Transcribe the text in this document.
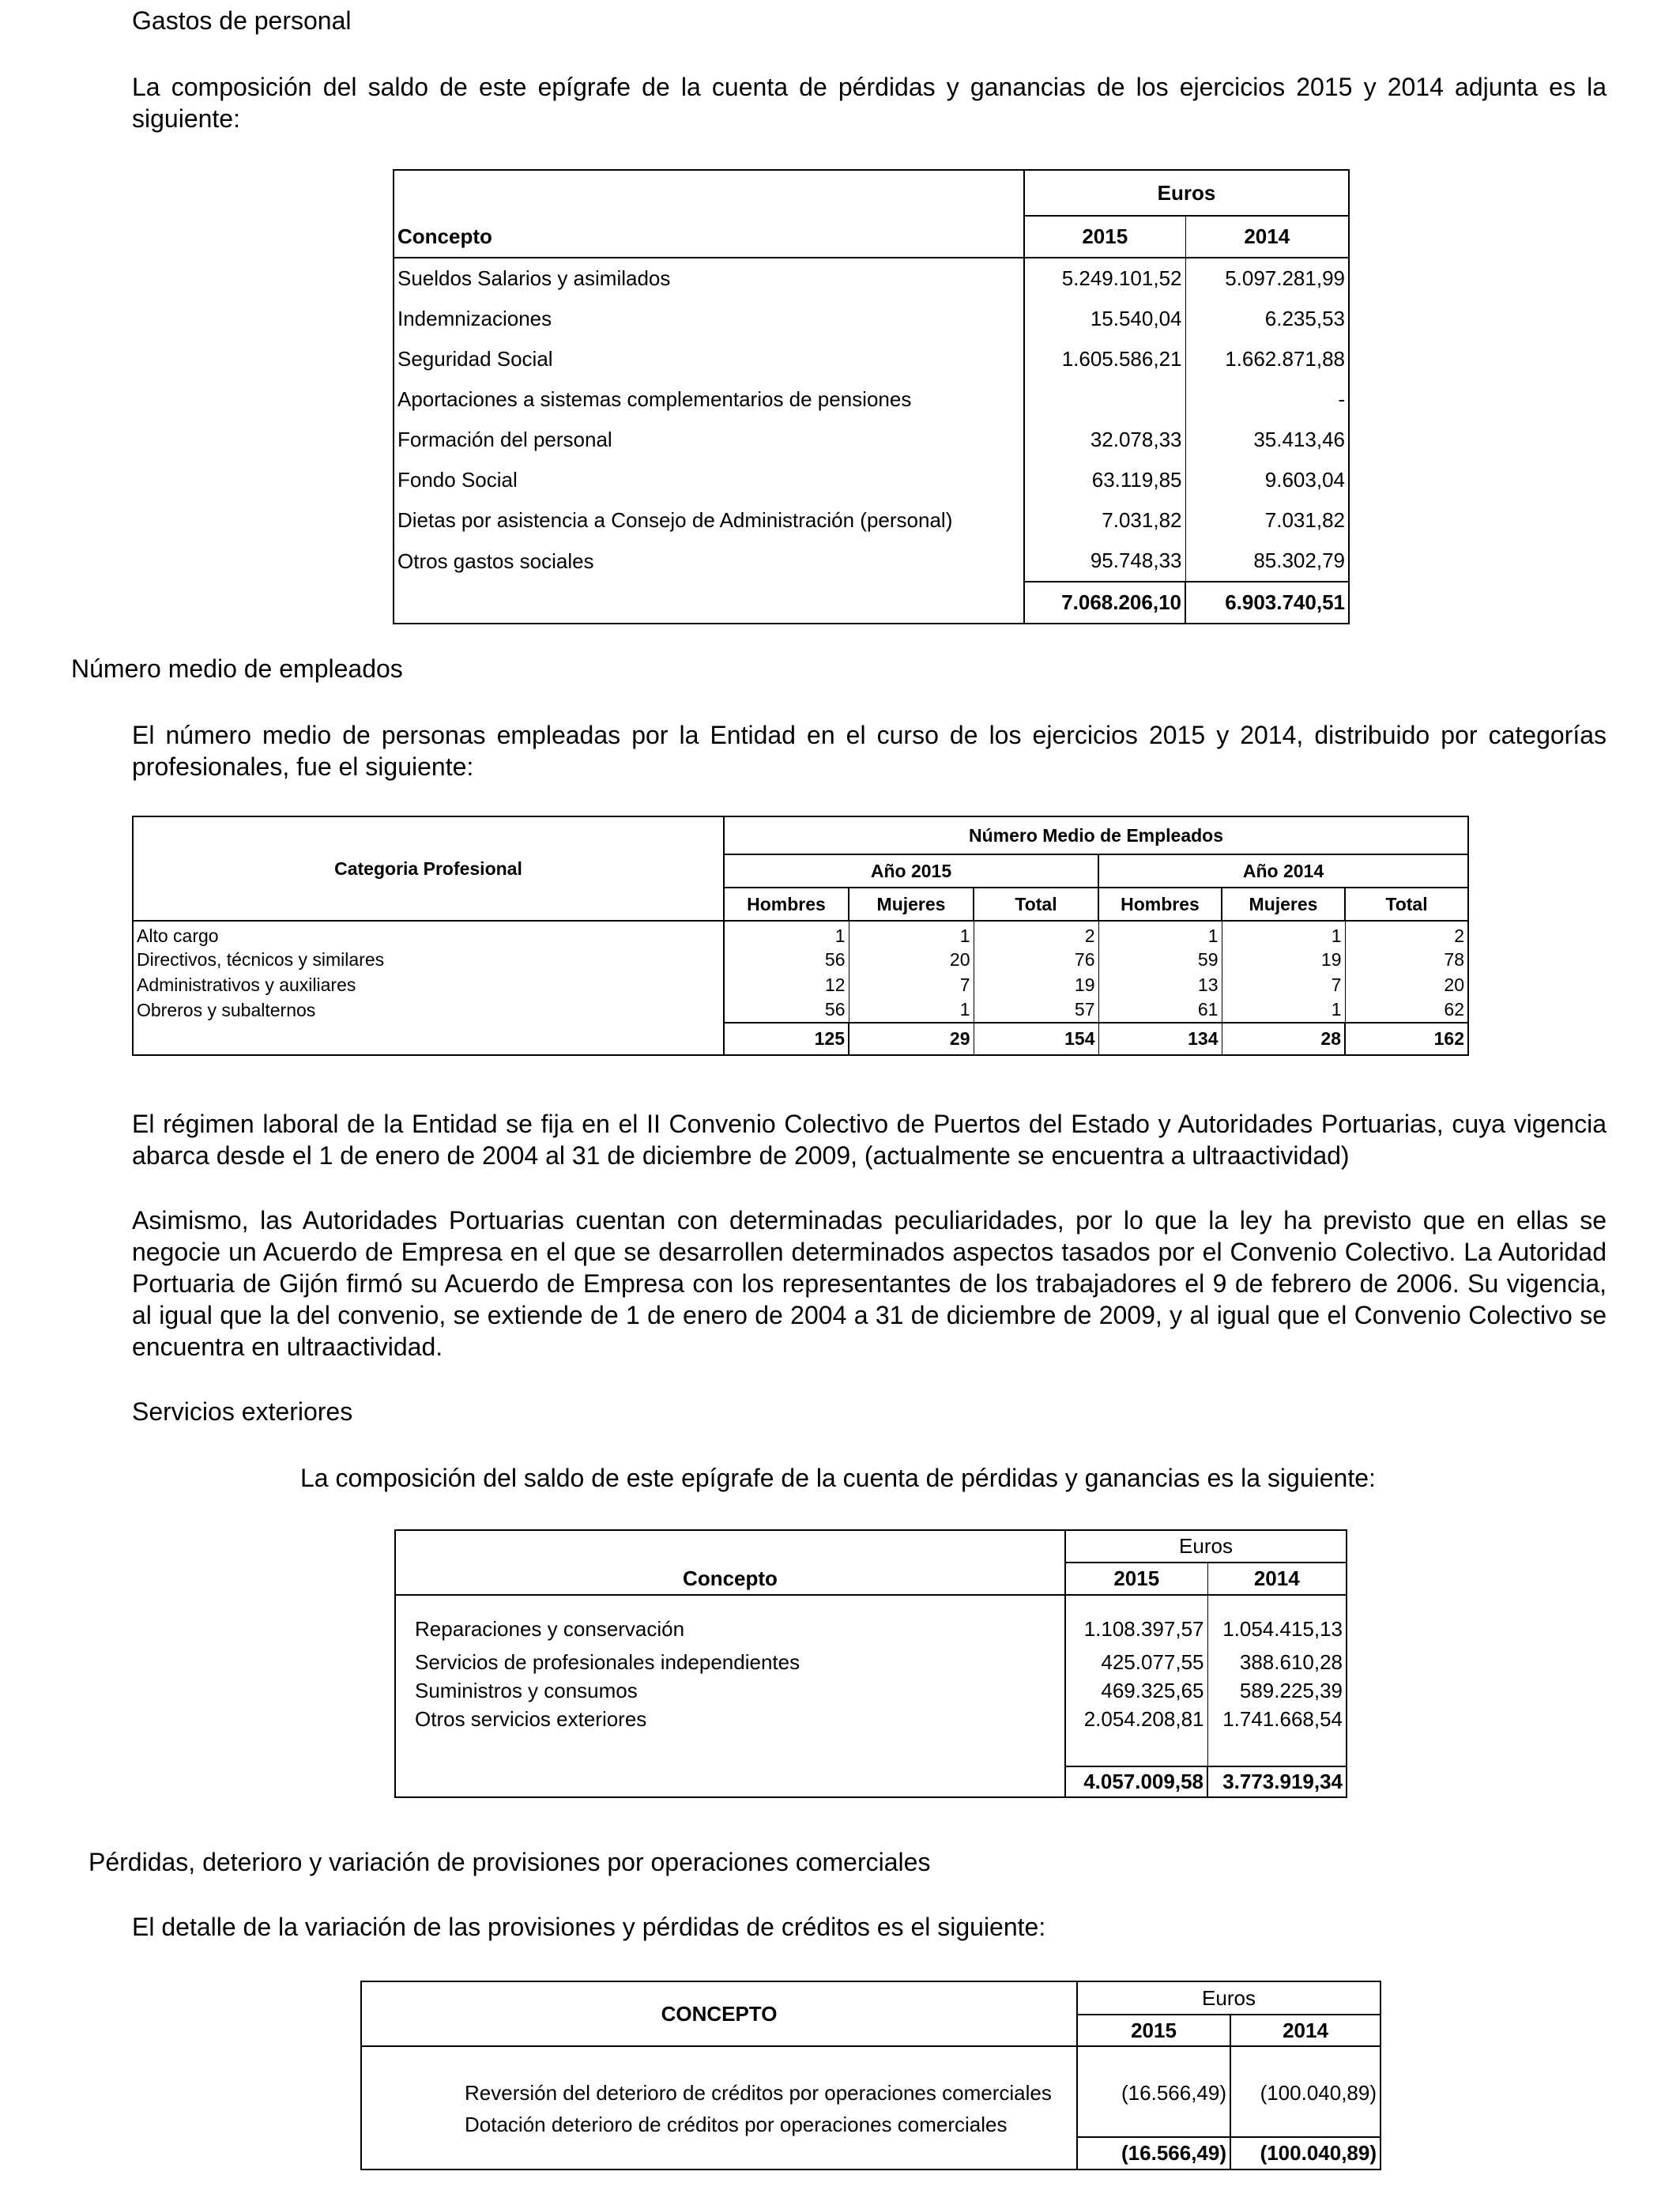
Gastos de personal
La composición del saldo de este epígrafe de la cuenta de pérdidas y ganancias de los ejercicios 2015 y 2014 adjunta es la siguiente:
	Euros	
Concepto	2015	2014
Sueldos Salarios y asimilados	5.249.101,52	5.097.281,99
Indemnizaciones	15.540,04	6.235,53
Seguridad Social	1.605.586,21	1.662.871,88
Aportaciones a sistemas complementarios de pensiones		-
Formación del personal	32.078,33	35.413,46
Fondo Social	63.119,85	9.603,04
Dietas por asistencia a Consejo de Administración (personal)	7.031,82	7.031,82
Otros gastos sociales	95.748,33	85.302,79
	7.068.206,10	6.903.740,51
Número medio de empleados
El número medio de personas empleadas por la Entidad en el curso de los ejercicios 2015 y 2014, distribuido por categorías profesionales, fue el siguiente:
Categoria Profesional	Número Medio de Empleados					
	Año 2015			Año 2014		
	Hombres	Mujeres	Total	Hombres	Mujeres	Total
Alto cargo	1	1	2	1	1	2
Directivos, técnicos y similares	56	20	76	59	19	78
Administrativos y auxiliares	12	7	19	13	7	20
Obreros y subalternos	56	1	57	61	1	62
	125	29	154	134	28	162
El régimen laboral de la Entidad se fija en el II Convenio Colectivo de Puertos del Estado y Autoridades Portuarias, cuya vigencia abarca desde el 1 de enero de 2004 al 31 de diciembre de 2009, (actualmente se encuentra a ultraactividad)
Asimismo, las Autoridades Portuarias cuentan con determinadas peculiaridades, por lo que la ley ha previsto que en ellas se negocie un Acuerdo de Empresa en el que se desarrollen determinados aspectos tasados por el Convenio Colectivo. La Autoridad Portuaria de Gijón firmó su Acuerdo de Empresa con los representantes de los trabajadores el 9 de febrero de 2006. Su vigencia, al igual que la del convenio, se extiende de 1 de enero de 2004 a 31 de diciembre de 2009, y al igual que el Convenio Colectivo se encuentra en ultraactividad.
Servicios exteriores
La composición del saldo de este epígrafe de la cuenta de pérdidas y ganancias es la siguiente:
	Euros	
Concepto	2015	2014
Reparaciones y conservación	1.108.397,57	1.054.415,13
Servicios de profesionales independientes	425.077,55	388.610,28
Suministros y consumos	469.325,65	589.225,39
Otros servicios exteriores	2.054.208,81	1.741.668,54

	4.057.009,58	3.773.919,34
Pérdidas, deterioro y variación de provisiones por operaciones comerciales
El detalle de la variación de las provisiones y pérdidas de créditos es el siguiente:
CONCEPTO	Euros	
	2015	2014
Reversión del deterioro de créditos por operaciones comerciales	(16.566,49)	(100.040,89)
Dotación deterioro de créditos por operaciones comerciales		
	(16.566,49)	(100.040,89)
